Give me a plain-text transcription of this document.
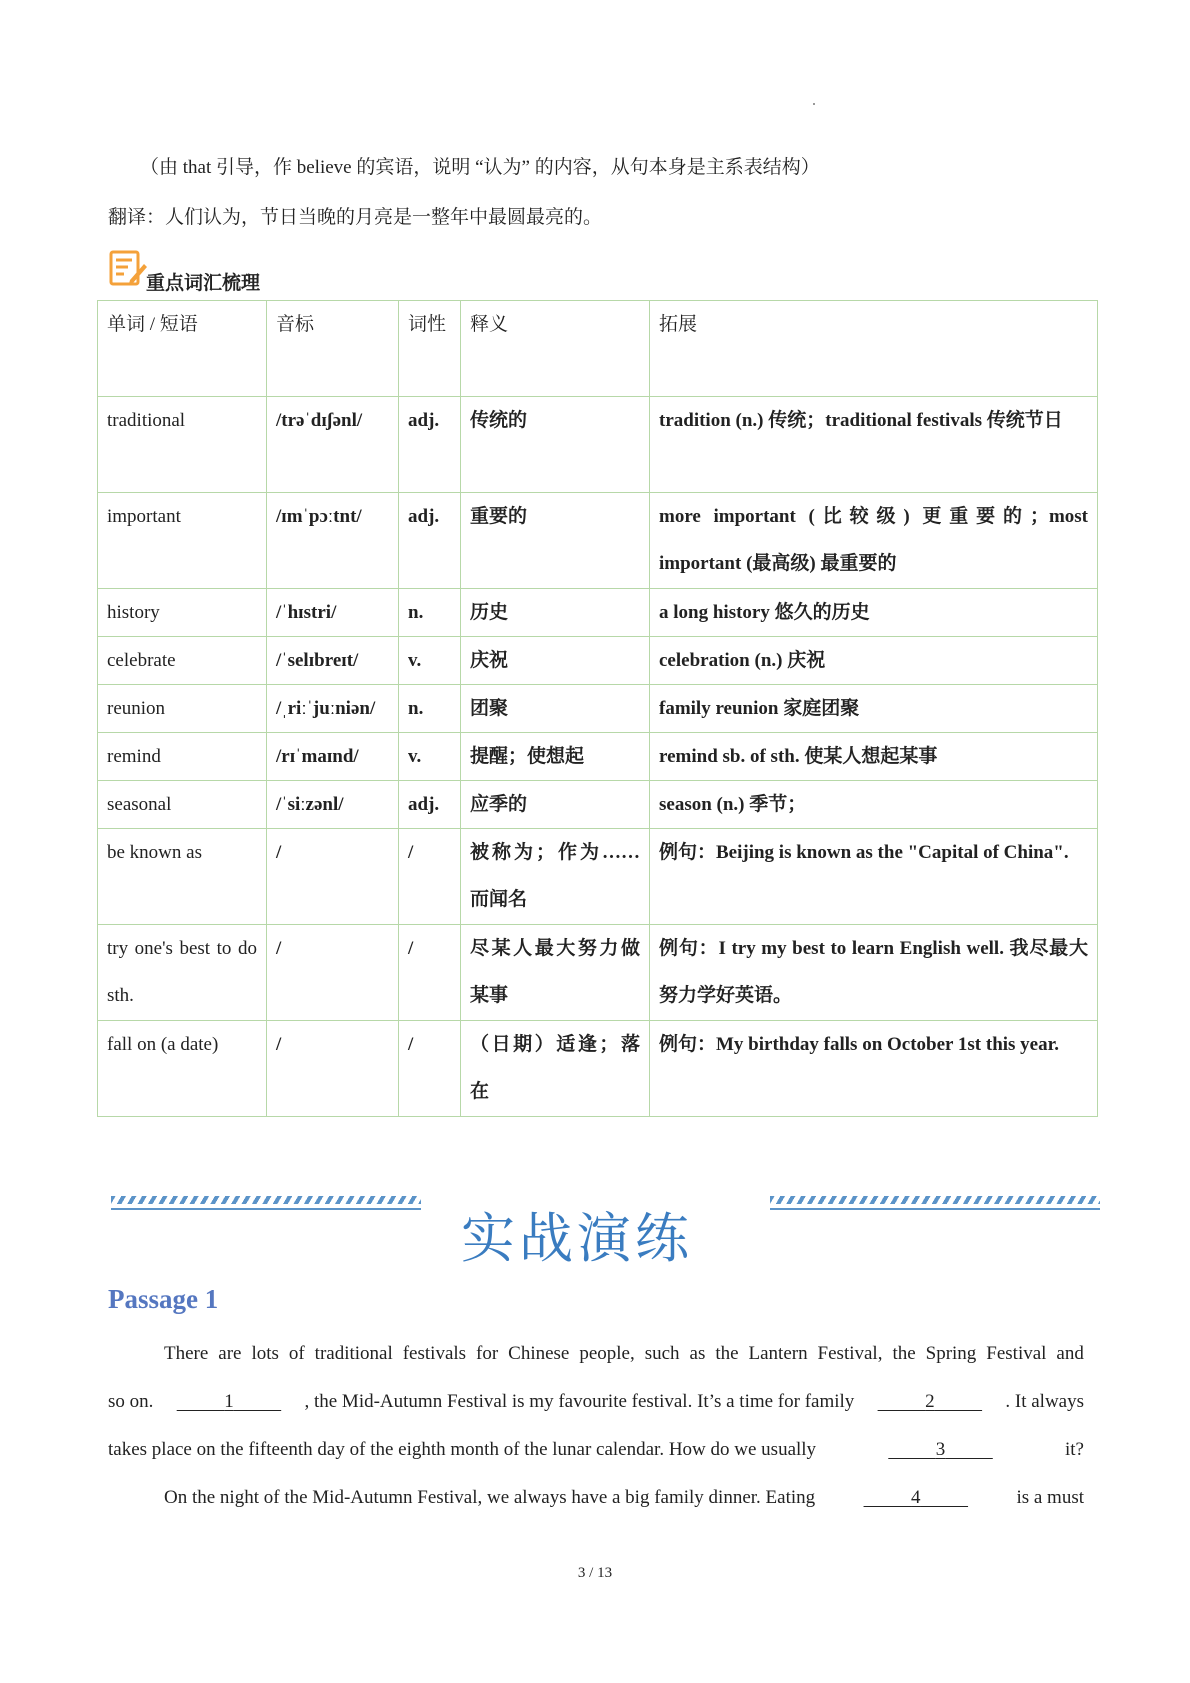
（由 that 引导，作 believe 的宾语，说明 “认为” 的内容，从句本身是主系表结构）
翻译：人们认为，节日当晚的月亮是一整年中最圆最亮的。
重点词汇梳理
单词 / 短语	音标	词性	释义	拓展

traditional	/trəˈdɪʃənl/	adj.	传统的	tradition (n.) 传统；traditional festivals 传统节日

important	/ɪmˈpɔːtnt/	adj.	重要的	more important (比较级) 更重要的；most important (最高级) 最重要的

history	/ˈhɪstri/	n.	历史	a long history 悠久的历史

celebrate	/ˈselɪbreɪt/	v.	庆祝	celebration (n.) 庆祝

reunion	/ˌriːˈjuːniən/	n.	团聚	family reunion 家庭团聚

remind	/rɪˈmaɪnd/	v.	提醒；使想起	remind sb. of sth. 使某人想起某事

seasonal	/ˈsiːzənl/	adj.	应季的	season (n.) 季节；

be known as	/	/	被称为；作为……而闻名	例句：Beijing is known as the "Capital of China".

try one's best to do sth.	/	/	尽某人最大努力做某事	例句：I try my best to learn English well. 我尽最大努力学好英语。

fall on (a date)	/	/	（日期）适逢；落在	例句：My birthday falls on October 1st this year.
实战演练
Passage 1
There are lots of traditional festivals for Chinese people, such as the Lantern Festival, the Spring Festival and
so on.	1	, the Mid-Autumn Festival is my favourite festival. It’s a time for family	2	. It always
takes place on the fifteenth day of the eighth month of the lunar calendar. How do we usually	3	it?
On the night of the Mid-Autumn Festival, we always have a big family dinner. Eating	4	is a must
3 / 13
